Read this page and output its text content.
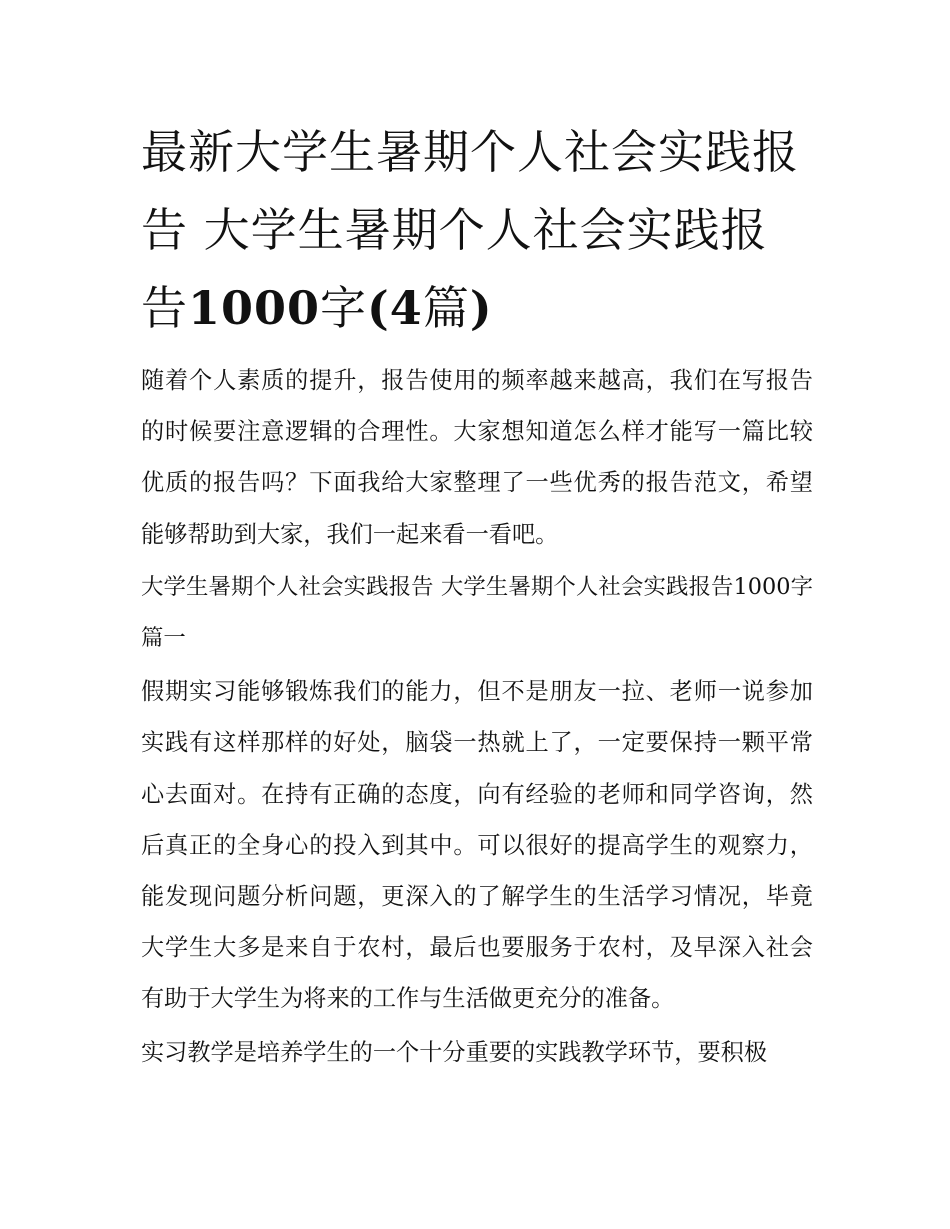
最新大学生暑期个人社会实践报告 大学生暑期个人社会实践报告1000字(4篇)

随着个人素质的提升，报告使用的频率越来越高，我们在写报告的时候要注意逻辑的合理性。大家想知道怎么样才能写一篇比较优质的报告吗？下面我给大家整理了一些优秀的报告范文，希望能够帮助到大家，我们一起来看一看吧。

大学生暑期个人社会实践报告 大学生暑期个人社会实践报告1000字篇一

假期实习能够锻炼我们的能力，但不是朋友一拉、老师一说参加实践有这样那样的好处，脑袋一热就上了，一定要保持一颗平常心去面对。在持有正确的态度，向有经验的老师和同学咨询，然后真正的全身心的投入到其中。可以很好的提高学生的观察力，能发现问题分析问题，更深入的了解学生的生活学习情况，毕竟大学生大多是来自于农村，最后也要服务于农村，及早深入社会有助于大学生为将来的工作与生活做更充分的准备。

实习教学是培养学生的一个十分重要的实践教学环节，要积极
